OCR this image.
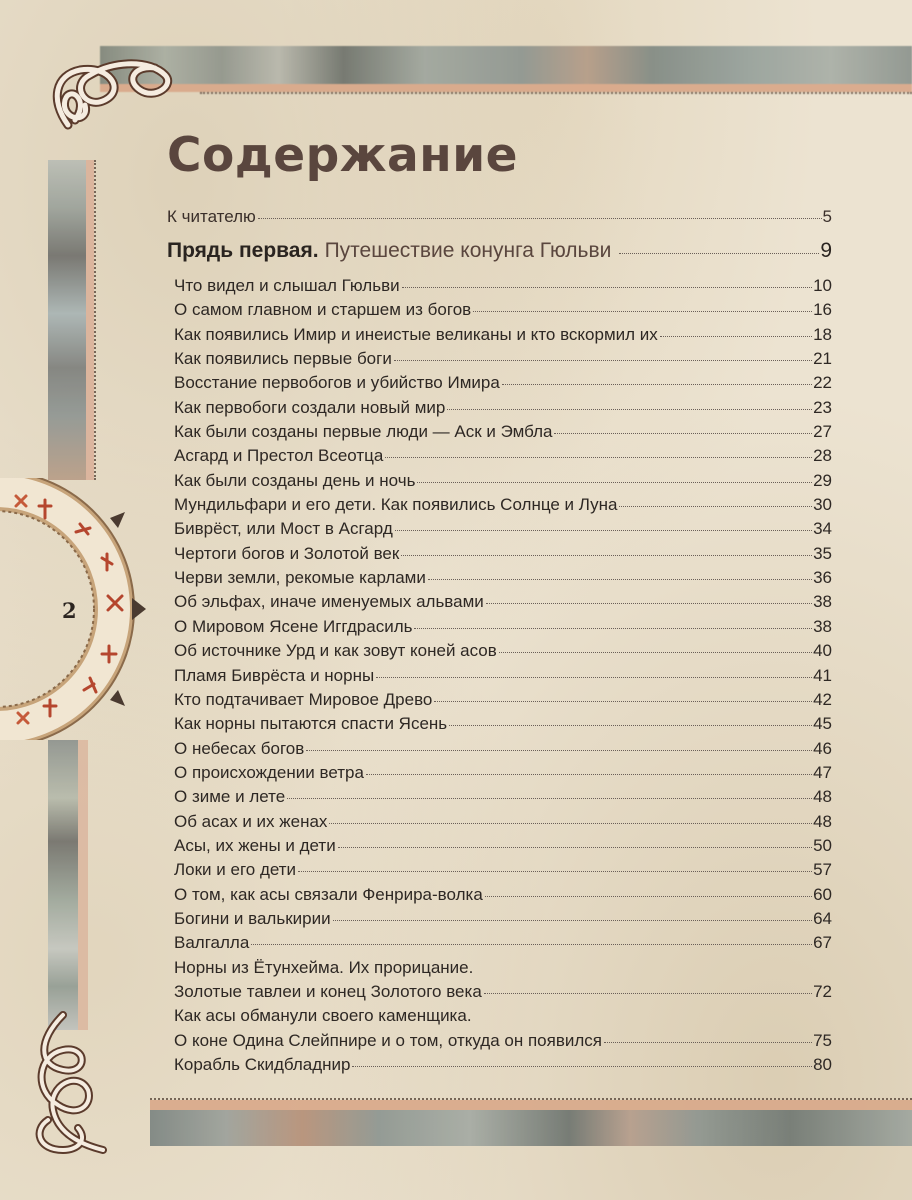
2
Содержание
К читателю	5
Прядь первая. Путешествие конунга Гюльви	9
Что видел и слышал Гюльви	10
О самом главном и старшем из богов	16
Как появились Имир и инеистые великаны и кто вскормил их	18
Как появились первые боги	21
Восстание первобогов и убийство Имира	22
Как первобоги создали новый мир	23
Как были созданы первые люди — Аск и Эмбла	27
Асгард и Престол Всеотца	28
Как были созданы день и ночь	29
Мундильфари и его дети. Как появились Солнце и Луна	30
Биврёст, или Мост в Асгард	34
Чертоги богов и Золотой век	35
Черви земли, рекомые карлами	36
Об эльфах, иначе именуемых альвами	38
О Мировом Ясене Иггдрасиль	38
Об источнике Урд и как зовут коней асов	40
Пламя Биврёста и норны	41
Кто подтачивает Мировое Древо	42
Как норны пытаются спасти Ясень	45
О небесах богов	46
О происхождении ветра	47
О зиме и лете	48
Об асах и их женах	48
Асы, их жены и дети	50
Локи и его дети	57
О том, как асы связали Фенрира-волка	60
Богини и валькирии	64
Валгалла	67
Норны из Ётунхейма. Их прорицание.
Золотые тавлеи и конец Золотого века	72
Как асы обманули своего каменщика.
О коне Одина Слейпнире и о том, откуда он появился	75
Корабль Скидбладнир	80
